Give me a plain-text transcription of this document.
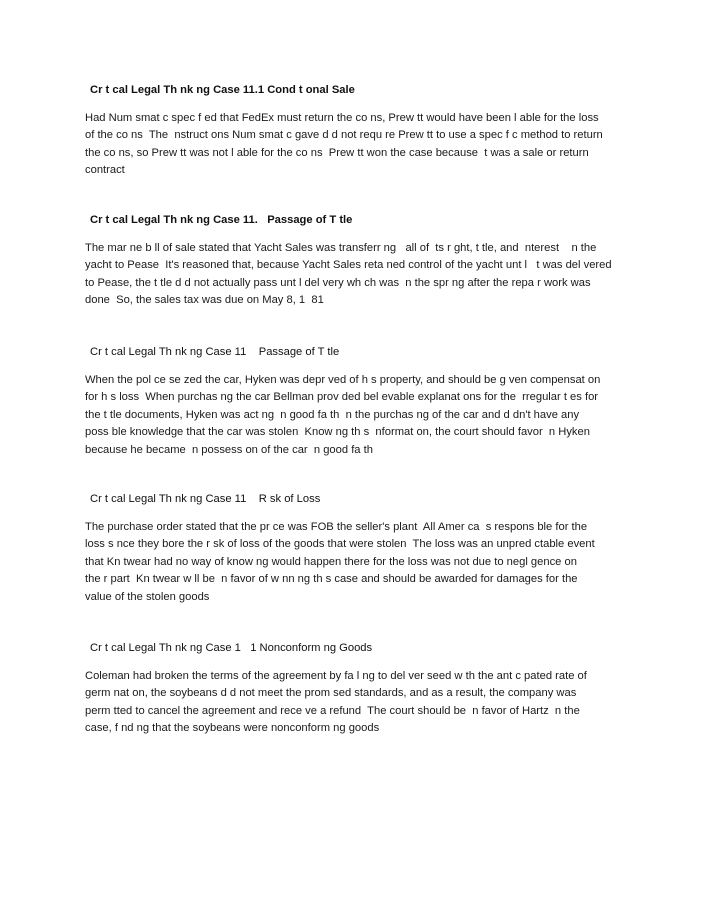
Cr t cal Legal Th nk ng Case 11.1 Cond t onal Sale
Had Num smat c spec f ed that FedEx must return the co ns, Prew tt would have been l able for the loss
of the co ns  The  nstruct ons Num smat c gave d d not requ re Prew tt to use a spec f c method to return
the co ns, so Prew tt was not l able for the co ns  Prew tt won the case because  t was a sale or return
contract
Cr t cal Legal Th nk ng Case 11.   Passage of T tle
The mar ne b ll of sale stated that Yacht Sales was transferr ng   all of  ts r ght, t tle, and  nterest    n the
yacht to Pease  It's reasoned that, because Yacht Sales reta ned control of the yacht unt l   t was del vered
to Pease, the t tle d d not actually pass unt l del very wh ch was  n the spr ng after the repa r work was
done  So, the sales tax was due on May 8, 1  81
Cr t cal Legal Th nk ng Case 11    Passage of T tle
When the pol ce se zed the car, Hyken was depr ved of h s property, and should be g ven compensat on
for h s loss  When purchas ng the car Bellman prov ded bel evable explanat ons for the  rregular t es for
the t tle documents, Hyken was act ng  n good fa th  n the purchas ng of the car and d dn't have any
poss ble knowledge that the car was stolen  Know ng th s  nformat on, the court should favor  n Hyken
because he became  n possess on of the car  n good fa th
Cr t cal Legal Th nk ng Case 11    R sk of Loss
The purchase order stated that the pr ce was FOB the seller's plant  All Amer ca  s respons ble for the
loss s nce they bore the r sk of loss of the goods that were stolen  The loss was an unpred ctable event
that Kn twear had no way of know ng would happen there for the loss was not due to negl gence on
the r part  Kn twear w ll be  n favor of w nn ng th s case and should be awarded for damages for the
value of the stolen goods
Cr t cal Legal Th nk ng Case 1   1 Nonconform ng Goods
Coleman had broken the terms of the agreement by fa l ng to del ver seed w th the ant c pated rate of
germ nat on, the soybeans d d not meet the prom sed standards, and as a result, the company was
perm tted to cancel the agreement and rece ve a refund  The court should be  n favor of Hartz  n the
case, f nd ng that the soybeans were nonconform ng goods
